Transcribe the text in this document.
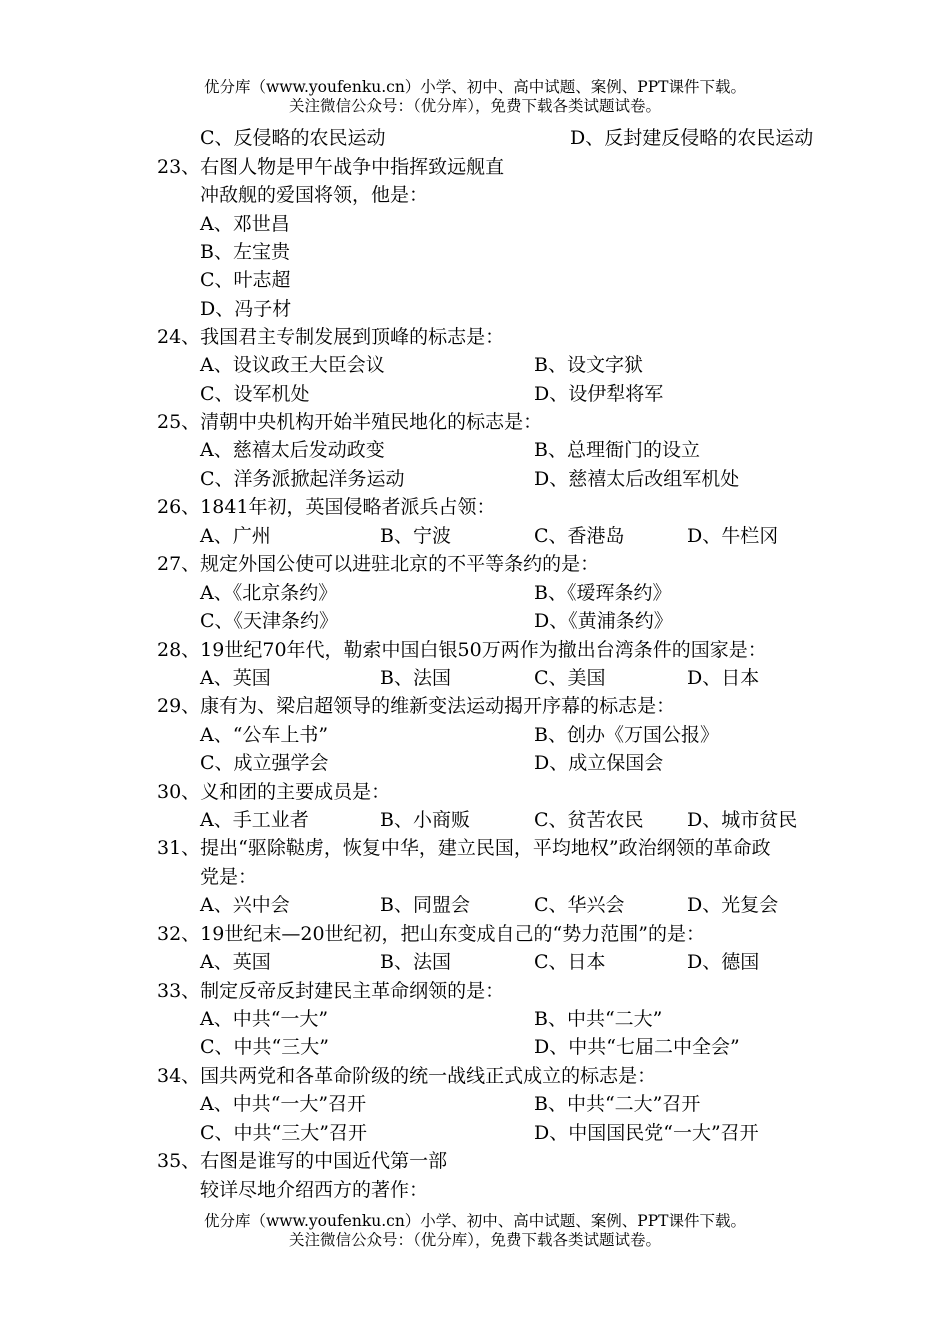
优分库（www.youfenku.cn）小学、初中、高中试题、案例、PPT课件下载。
关注微信公众号：（优分库），免费下载各类试题试卷。
C、反侵略的农民运动	D、反封建反侵略的农民运动
23、右图人物是甲午战争中指挥致远舰直
冲敌舰的爱国将领，他是：
A、邓世昌
B、左宝贵
C、叶志超
D、冯子材
24、我国君主专制发展到顶峰的标志是：
A、设议政王大臣会议	B、设文字狱
C、设军机处	D、设伊犁将军
25、清朝中央机构开始半殖民地化的标志是：
A、慈禧太后发动政变	B、总理衙门的设立
C、洋务派掀起洋务运动	D、慈禧太后改组军机处
26、1841年初，英国侵略者派兵占领：
A、广州	B、宁波	C、香港岛	D、牛栏冈
27、规定外国公使可以进驻北京的不平等条约的是：
A、《北京条约》	B、《瑷珲条约》
C、《天津条约》	D、《黄浦条约》
28、19世纪70年代，勒索中国白银50万两作为撤出台湾条件的国家是：
A、英国	B、法国	C、美国	D、日本
29、康有为、梁启超领导的维新变法运动揭开序幕的标志是：
A、“公车上书”	B、创办《万国公报》
C、成立强学会	D、成立保国会
30、义和团的主要成员是：
A、手工业者	B、小商贩	C、贫苦农民 D、城市贫民
31、提出“驱除鞑虏，恢复中华，建立民国，平均地权”政治纲领的革命政
党是：
A、兴中会	B、同盟会	C、华兴会	D、光复会
32、19世纪末—20世纪初，把山东变成自己的“势力范围”的是：
A、英国	B、法国	C、日本	D、德国
33、制定反帝反封建民主革命纲领的是：
A、中共“一大”	B、中共“二大”
C、中共“三大”	D、中共“七届二中全会”
34、国共两党和各革命阶级的统一战线正式成立的标志是：
A、中共“一大”召开	B、中共“二大”召开
C、中共“三大”召开	D、中国国民党“一大”召开
35、右图是谁写的中国近代第一部
较详尽地介绍西方的著作：
优分库（www.youfenku.cn）小学、初中、高中试题、案例、PPT课件下载。
关注微信公众号：（优分库），免费下载各类试题试卷。
